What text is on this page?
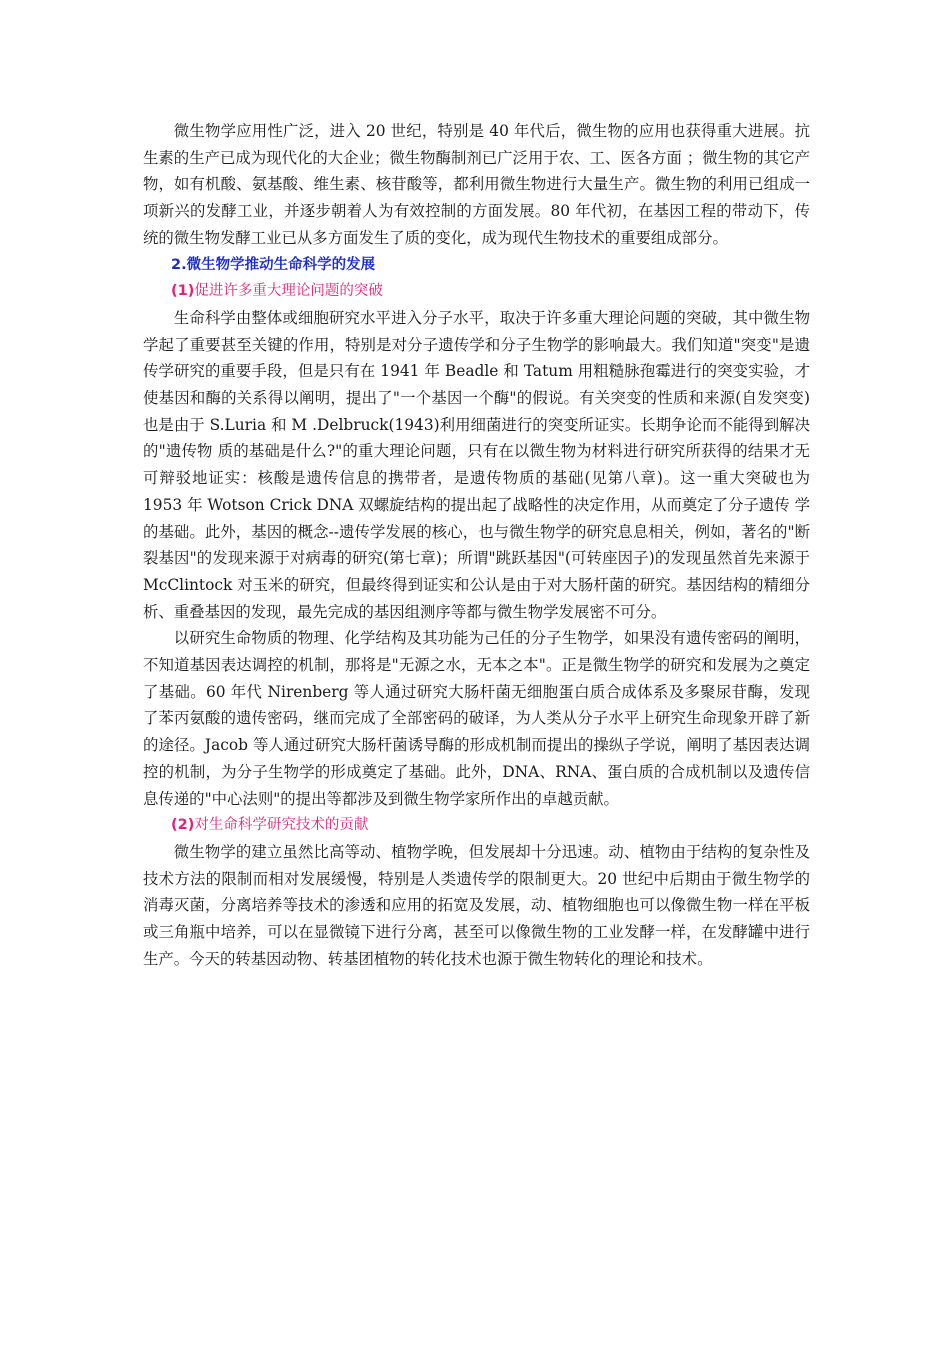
微生物学应用性广泛，进入 20 世纪，特别是 40 年代后，微生物的应用也获得重大进展。抗生素的生产已成为现代化的大企业；微生物酶制剂已广泛用于农、工、医各方面 ；微生物的其它产物，如有机酸、氨基酸、维生素、核苷酸等，都利用微生物进行大量生产。微生物的利用已组成一项新兴的发酵工业，并逐步朝着人为有效控制的方面发展。80 年代初，在基因工程的带动下，传统的微生物发酵工业已从多方面发生了质的变化，成为现代生物技术的重要组成部分。

2.微生物学推动生命科学的发展
(1)促进许多重大理论问题的突破

生命科学由整体或细胞研究水平进入分子水平，取决于许多重大理论问题的突破，其中微生物学起了重要甚至关键的作用，特别是对分子遗传学和分子生物学的影响最大。我们知道"突变"是遗传学研究的重要手段，但是只有在 1941 年 Beadle 和 Tatum 用粗糙脉孢霉进行的突变实验，才使基因和酶的关系得以阐明，提出了"一个基因一个酶"的假说。有关突变的性质和来源(自发突变)也是由于 S.Luria 和 M .Delbruck(1943)利用细菌进行的突变所证实。长期争论而不能得到解决的"遗传物 质的基础是什么?"的重大理论问题，只有在以微生物为材料进行研究所获得的结果才无可辩驳地证实：核酸是遗传信息的携带者，是遗传物质的基础(见第八章)。这一重大突破也为 1953 年 Wotson Crick DNA 双螺旋结构的提出起了战略性的决定作用，从而奠定了分子遗传 学的基础。此外，基因的概念--遗传学发展的核心，也与微生物学的研究息息相关，例如，著名的"断裂基因"的发现来源于对病毒的研究(第七章)；所谓"跳跃基因"(可转座因子)的发现虽然首先来源于 McClintock 对玉米的研究，但最终得到证实和公认是由于对大肠杆菌的研究。基因结构的精细分析、重叠基因的发现，最先完成的基因组测序等都与微生物学发展密不可分。

以研究生命物质的物理、化学结构及其功能为己任的分子生物学，如果没有遗传密码的阐明，不知道基因表达调控的机制，那将是"无源之水，无本之本"。正是微生物学的研究和发展为之奠定了基础。60 年代 Nirenberg 等人通过研究大肠杆菌无细胞蛋白质合成体系及多聚尿苷酶，发现了苯丙氨酸的遗传密码，继而完成了全部密码的破译，为人类从分子水平上研究生命现象开辟了新的途径。Jacob 等人通过研究大肠杆菌诱导酶的形成机制而提出的操纵子学说，阐明了基因表达调控的机制，为分子生物学的形成奠定了基础。此外，DNA、RNA、蛋白质的合成机制以及遗传信息传递的"中心法则"的提出等都涉及到微生物学家所作出的卓越贡献。

(2)对生命科学研究技术的贡献

微生物学的建立虽然比高等动、植物学晚，但发展却十分迅速。动、植物由于结构的复杂性及技术方法的限制而相对发展缓慢，特别是人类遗传学的限制更大。20 世纪中后期由于微生物学的消毒灭菌，分离培养等技术的渗透和应用的拓宽及发展，动、植物细胞也可以像微生物一样在平板或三角瓶中培养，可以在显微镜下进行分离，甚至可以像微生物的工业发酵一样，在发酵罐中进行生产。今天的转基因动物、转基团植物的转化技术也源于微生物转化的理论和技术。
